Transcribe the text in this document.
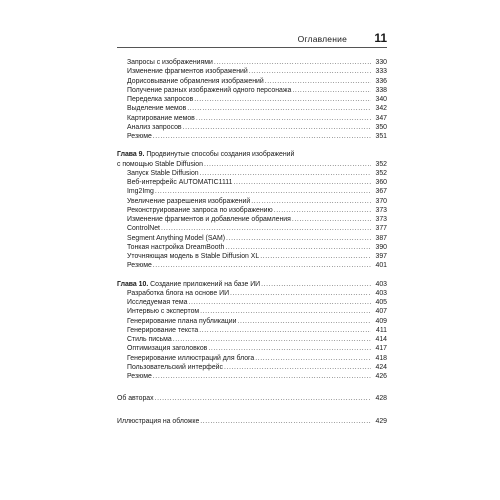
Оглавление 11
Запросы с изображениями .....	330
Изменение фрагментов изображений .....	333
Дорисовывание обрамления изображений .....	336
Получение разных изображений одного персонажа .....	338
Переделка запросов .....	340
Выделение мемов .....	342
Картирование мемов .....	347
Анализ запросов .....	350
Резюме .....	351
Глава 9. Продвинутые способы создания изображений
с помощью Stable Diffusion .....	352
Запуск Stable Diffusion .....	352
Веб-интерфейс AUTOMATIC1111 .....	360
Img2Img .....	367
Увеличение разрешения изображений .....	370
Реконструирование запроса по изображению .....	373
Изменение фрагментов и добавление обрамления .....	373
ControlNet .....	377
Segment Anything Model (SAM) .....	387
Тонкая настройка DreamBooth .....	390
Уточняющая модель в Stable Diffusion XL .....	397
Резюме .....	401
Глава 10. Создание приложений на базе ИИ .....	403
Разработка блога на основе ИИ .....	403
Исследуемая тема .....	405
Интервью с экспертом .....	407
Генерирование плана публикации .....	409
Генерирование текста .....	411
Стиль письма .....	414
Оптимизация заголовков .....	417
Генерирование иллюстраций для блога .....	418
Пользовательский интерфейс .....	424
Резюме .....	426
Об авторах .....	428
Иллюстрация на обложке .....	429
